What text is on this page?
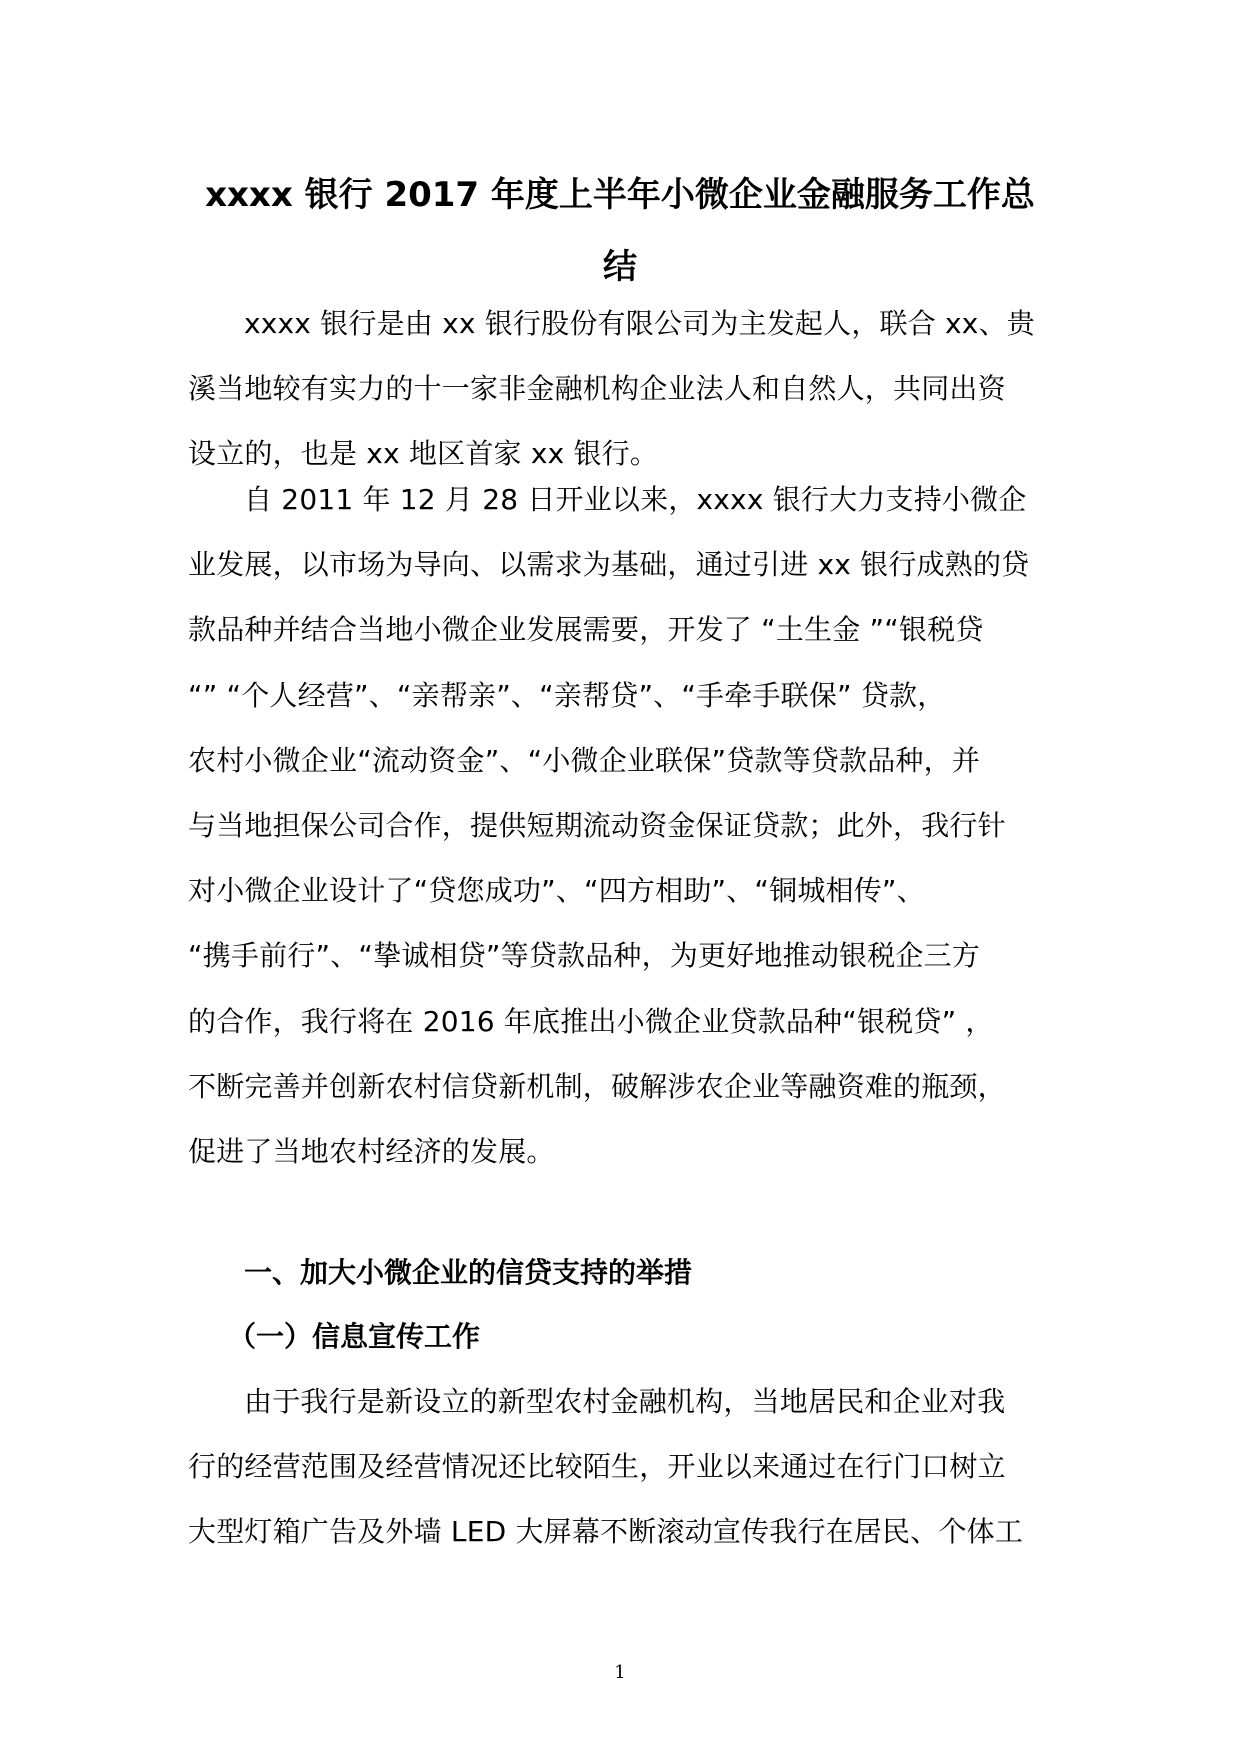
xxxx 银行 2017 年度上半年小微企业金融服务工作总
结
xxxx 银行是由 xx 银行股份有限公司为主发起人，联合 xx、贵
溪当地较有实力的十一家非金融机构企业法人和自然人，共同出资
设立的，也是 xx 地区首家 xx 银行。
自 2011 年 12 月 28 日开业以来，xxxx 银行大力支持小微企
业发展，以市场为导向、以需求为基础，通过引进 xx 银行成熟的贷
款品种并结合当地小微企业发展需要，开发了 “土生金 ”“银税贷
“” “个人经营”、“亲帮亲”、“亲帮贷”、“手牵手联保” 贷款，
农村小微企业“流动资金”、“小微企业联保”贷款等贷款品种，并
与当地担保公司合作，提供短期流动资金保证贷款；此外，我行针
对小微企业设计了“贷您成功”、“四方相助”、“铜城相传”、
“携手前行”、“挚诚相贷”等贷款品种，为更好地推动银税企三方
的合作，我行将在 2016 年底推出小微企业贷款品种“银税贷” ，
不断完善并创新农村信贷新机制，破解涉农企业等融资难的瓶颈，
促进了当地农村经济的发展。
一、加大小微企业的信贷支持的举措
（一）信息宣传工作
由于我行是新设立的新型农村金融机构，当地居民和企业对我
行的经营范围及经营情况还比较陌生，开业以来通过在行门口树立
大型灯箱广告及外墙 LED 大屏幕不断滚动宣传我行在居民、个体工
1
